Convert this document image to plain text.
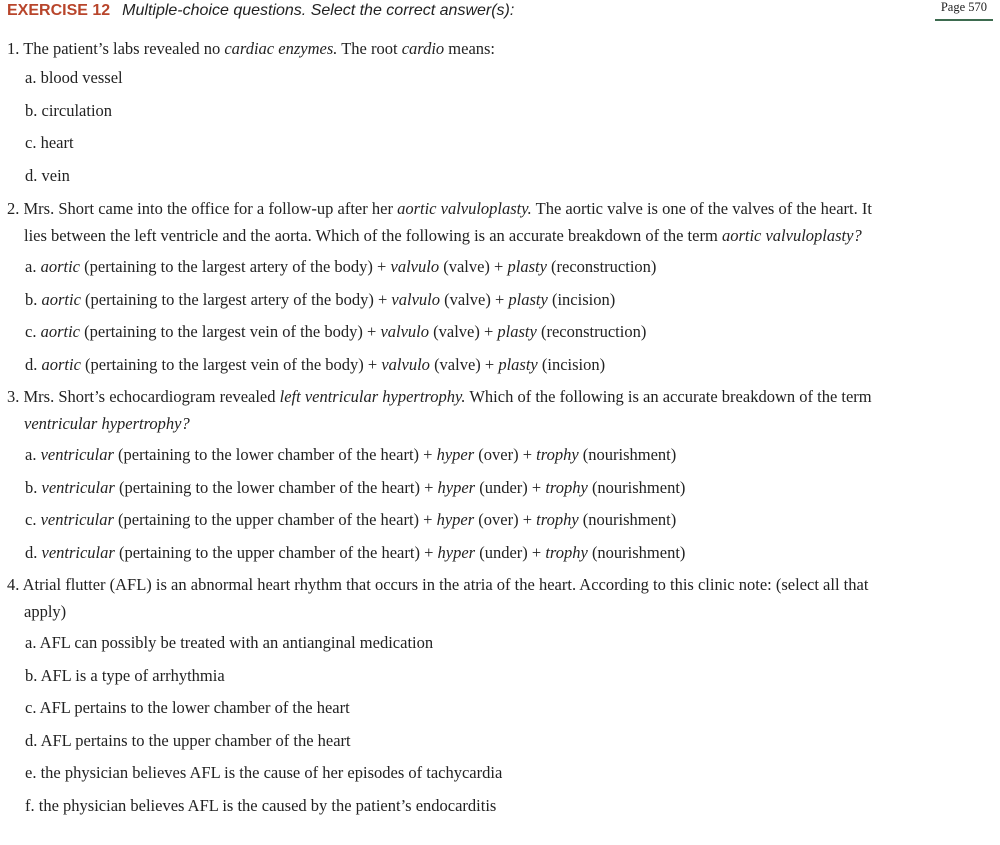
EXERCISE 12 Multiple-choice questions. Select the correct answer(s):	Page 570
1. The patient’s labs revealed no cardiac enzymes. The root cardio means:
a. blood vessel
b. circulation
c. heart
d. vein
2. Mrs. Short came into the office for a follow-up after her aortic valvuloplasty. The aortic valve is one of the valves of the heart. It
lies between the left ventricle and the aorta. Which of the following is an accurate breakdown of the term aortic valvuloplasty?
a. aortic (pertaining to the largest artery of the body) + valvulo (valve) + plasty (reconstruction)
b. aortic (pertaining to the largest artery of the body) + valvulo (valve) + plasty (incision)
c. aortic (pertaining to the largest vein of the body) + valvulo (valve) + plasty (reconstruction)
d. aortic (pertaining to the largest vein of the body) + valvulo (valve) + plasty (incision)
3. Mrs. Short’s echocardiogram revealed left ventricular hypertrophy. Which of the following is an accurate breakdown of the term
ventricular hypertrophy?
a. ventricular (pertaining to the lower chamber of the heart) + hyper (over) + trophy (nourishment)
b. ventricular (pertaining to the lower chamber of the heart) + hyper (under) + trophy (nourishment)
c. ventricular (pertaining to the upper chamber of the heart) + hyper (over) + trophy (nourishment)
d. ventricular (pertaining to the upper chamber of the heart) + hyper (under) + trophy (nourishment)
4. Atrial flutter (AFL) is an abnormal heart rhythm that occurs in the atria of the heart. According to this clinic note: (select all that
apply)
a. AFL can possibly be treated with an antianginal medication
b. AFL is a type of arrhythmia
c. AFL pertains to the lower chamber of the heart
d. AFL pertains to the upper chamber of the heart
e. the physician believes AFL is the cause of her episodes of tachycardia
f. the physician believes AFL is the caused by the patient’s endocarditis
